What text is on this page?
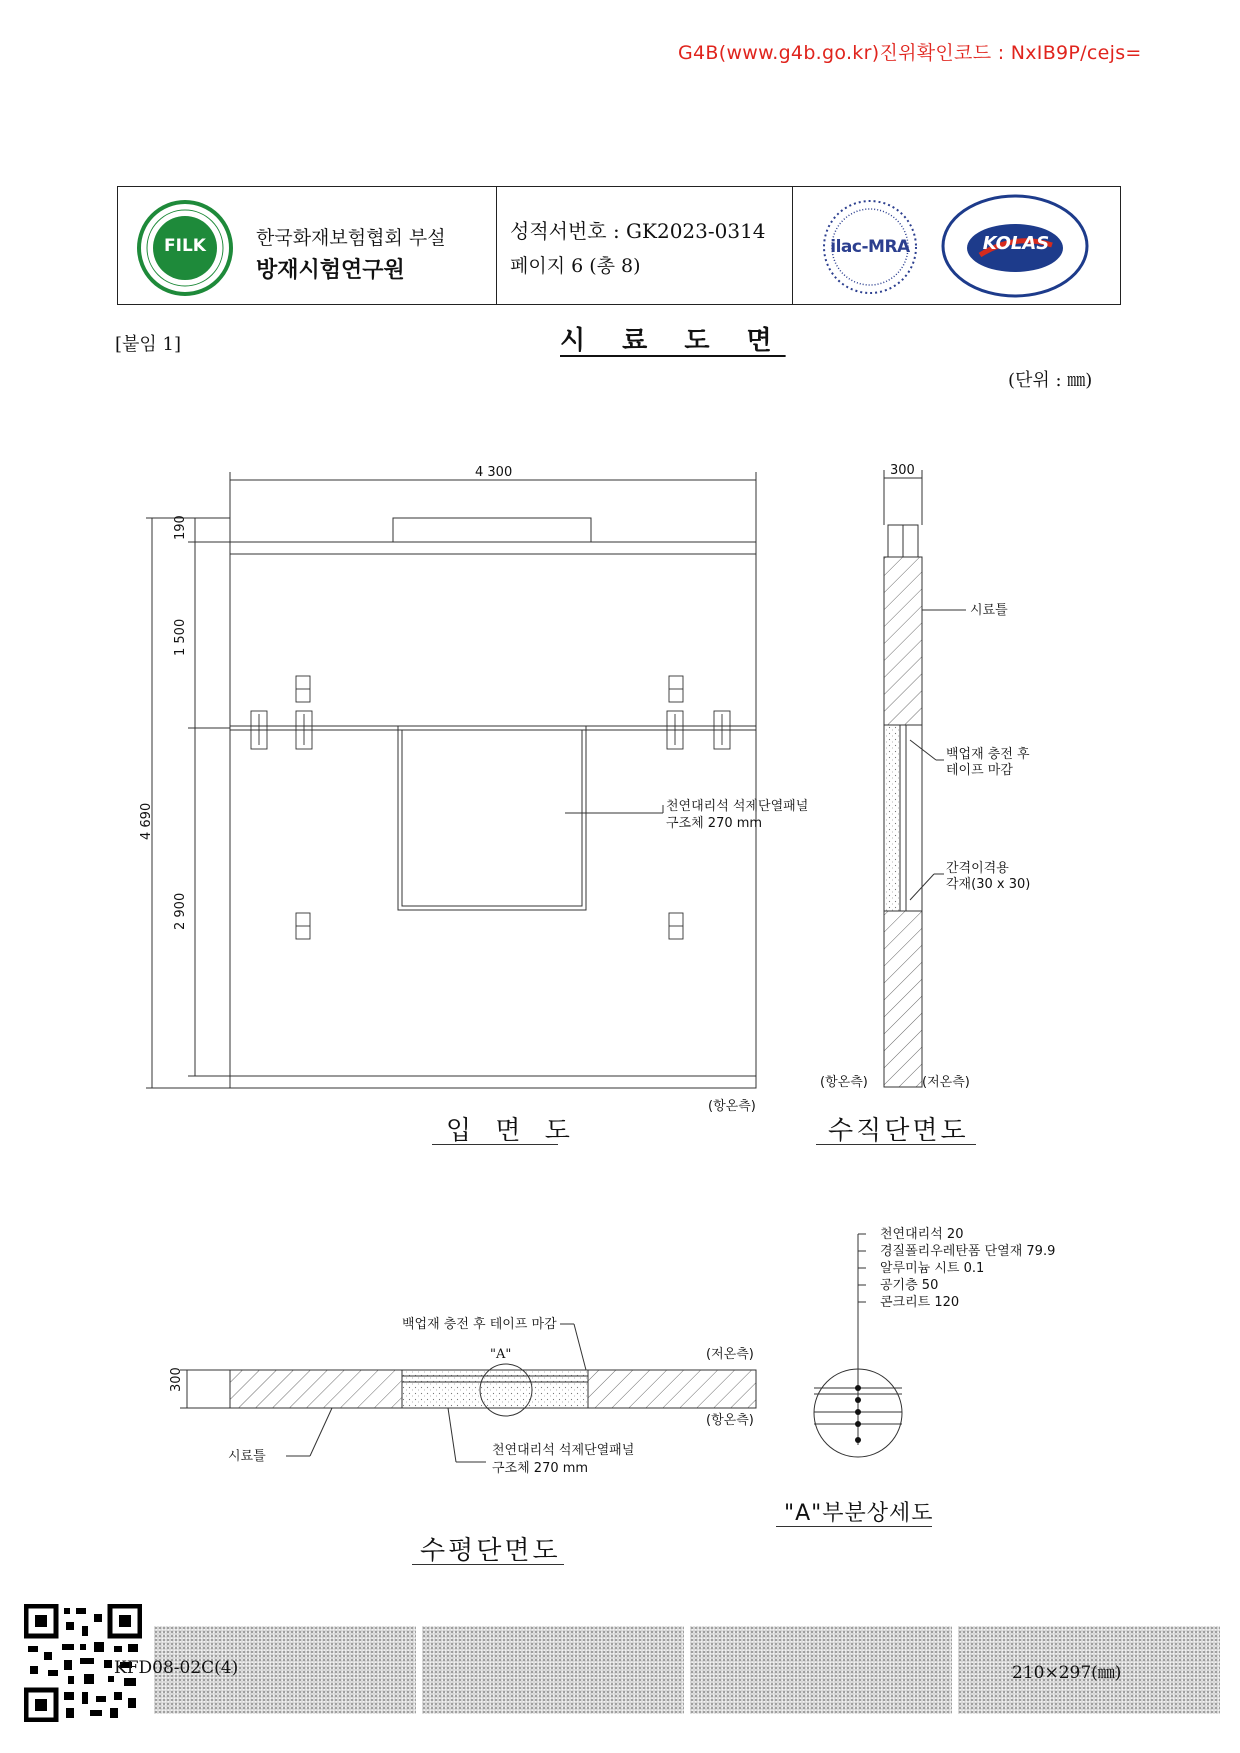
G4B(www.g4b.go.kr)진위확인코드 : NxIB9P/cejs=
FILK	한국화재보험협회 부설
방재시험연구원
성적서번호 : GK2023-0314
페이지 6 (총 8)
ilac-MRA	KOLAS
[붙임 1]	시 료 도 면
(단위 : ㎜)
4 300
190
1 500
4 690
2 900
천연대리석 석제단열패널
구조체 270 mm
(항온측)
입 면 도
300
시료틀
백업재 충전 후
테이프 마감
간격이격용
각재(30 x 30)
(항온측)	(저온측)
수직단면도
백업재 충전 후 테이프 마감
"A"	(저온측)
(항온측)
300
시료틀	천연대리석 석제단열패널
구조체 270 mm
수평단면도
천연대리석 20
경질폴리우레탄폼 단열재 79.9
알루미늄 시트 0.1
공기층 50
콘크리트 120
"A"부분상세도
KFD08-02C(4)	210×297(㎜)
